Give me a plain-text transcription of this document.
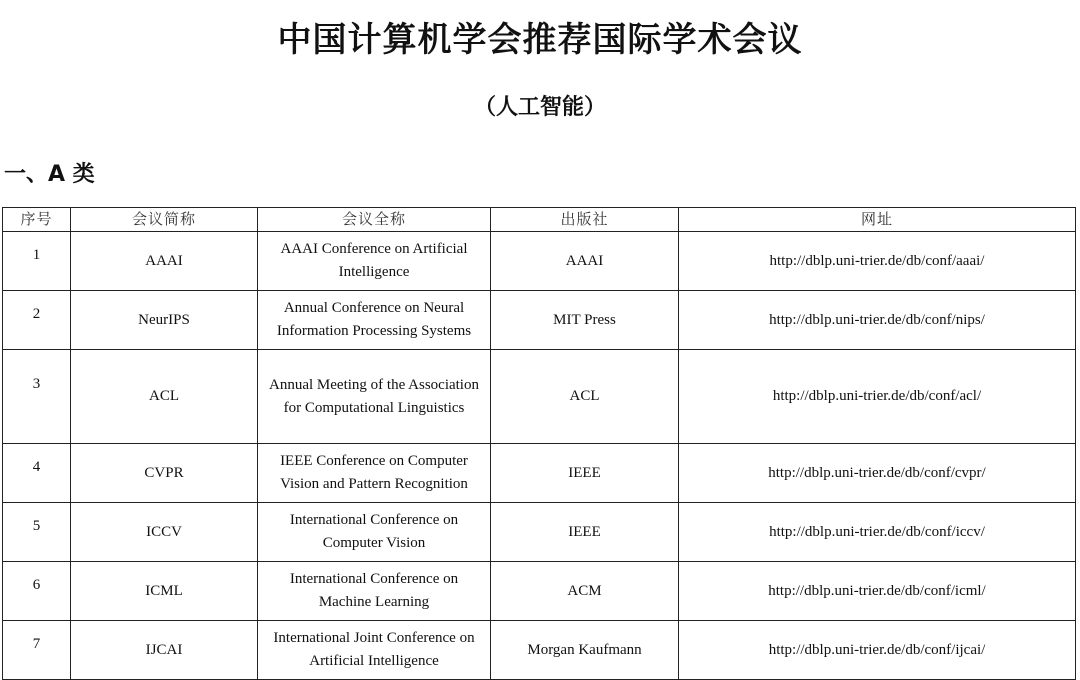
中国计算机学会推荐国际学术会议
（人工智能）
一、A 类
序号	会议简称	会议全称	出版社	网址
1	AAAI	AAAI Conference on Artificial Intelligence	AAAI	http://dblp.uni-trier.de/db/conf/aaai/
2	NeurIPS	Annual Conference on Neural Information Processing Systems	MIT Press	http://dblp.uni-trier.de/db/conf/nips/
3	ACL	Annual Meeting of the Association for Computational Linguistics	ACL	http://dblp.uni-trier.de/db/conf/acl/
4	CVPR	IEEE Conference on Computer Vision and Pattern Recognition	IEEE	http://dblp.uni-trier.de/db/conf/cvpr/
5	ICCV	International Conference on Computer Vision	IEEE	http://dblp.uni-trier.de/db/conf/iccv/
6	ICML	International Conference on Machine Learning	ACM	http://dblp.uni-trier.de/db/conf/icml/
7	IJCAI	International Joint Conference on Artificial Intelligence	Morgan Kaufmann	http://dblp.uni-trier.de/db/conf/ijcai/
